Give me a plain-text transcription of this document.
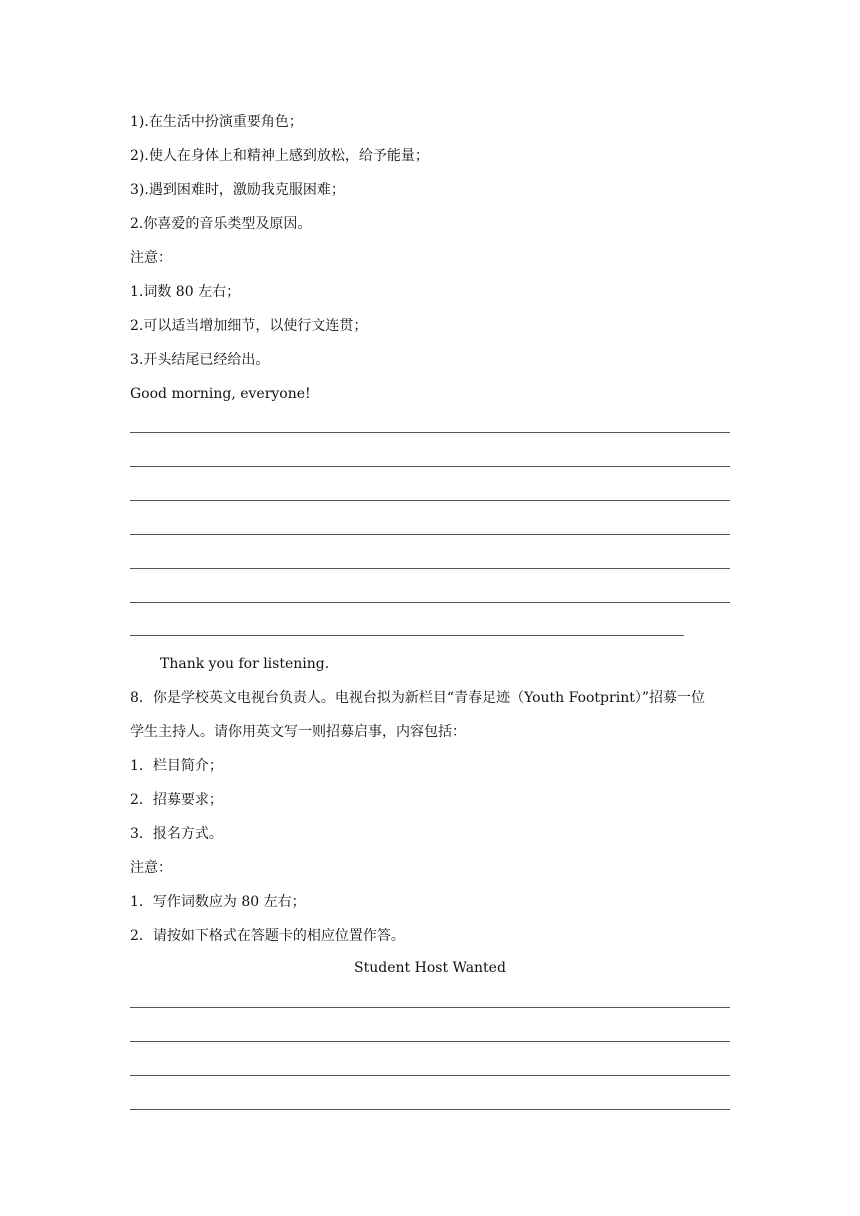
1).在生活中扮演重要角色；
2).使人在身体上和精神上感到放松，给予能量；
3).遇到困难时，激励我克服困难；
2.你喜爱的音乐类型及原因。
注意：
1.词数 80 左右；
2.可以适当增加细节，以使行文连贯；
3.开头结尾已经给出。
Good morning, everyone!
Thank you for listening.
8．你是学校英文电视台负责人。电视台拟为新栏目“青春足迹（Youth Footprint）”招募一位
学生主持人。请你用英文写一则招募启事，内容包括：
1．栏目简介；
2．招募要求；
3．报名方式。
注意：
1．写作词数应为 80 左右；
2．请按如下格式在答题卡的相应位置作答。
Student Host Wanted
